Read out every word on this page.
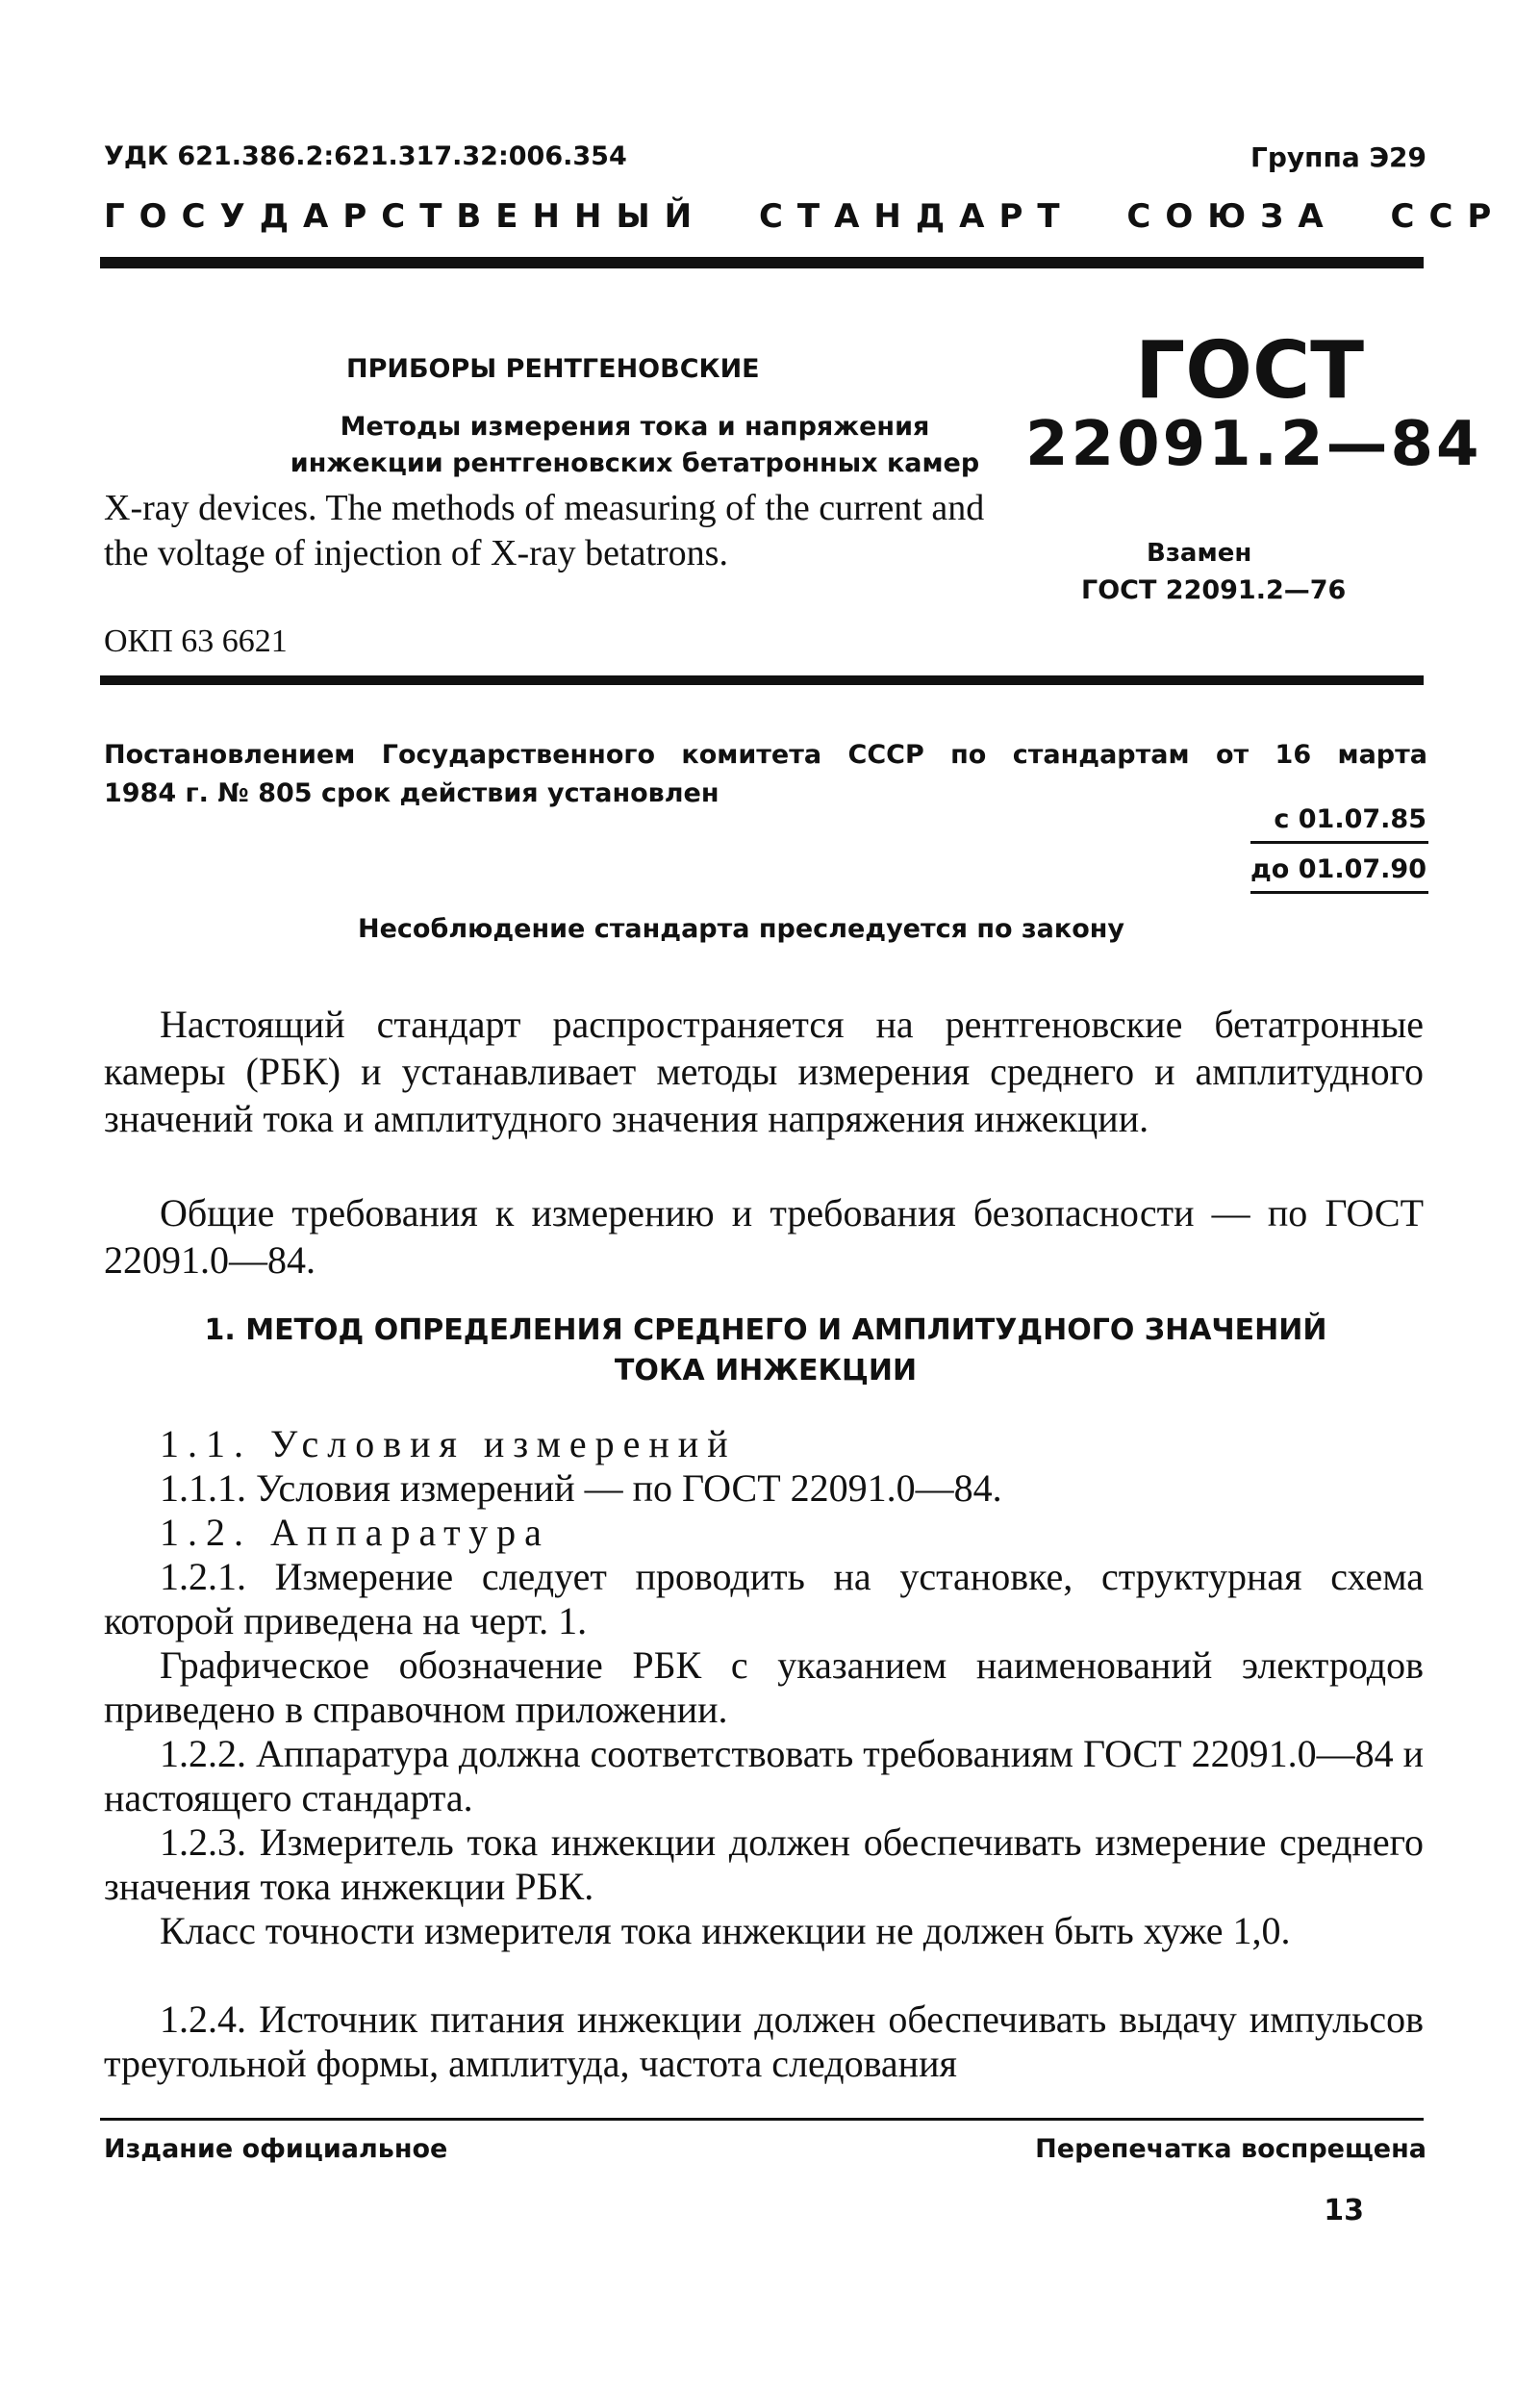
УДК 621.386.2:621.317.32:006.354	Группа Э29
ГОСУДАРСТВЕННЫЙ СТАНДАРТ СОЮЗА ССР
ПРИБОРЫ РЕНТГЕНОВСКИЕ
Методы измерения тока и напряжения инжекции рентгеновских бетатронных камер
X-ray devices. The methods of measuring of the current and the voltage of injection of X-ray betatrons.
ОКП 63 6621
ГОСТ
22091.2—84
Взамен
ГОСТ 22091.2—76
Постановлением Государственного комитета СССР по стандартам от 16 марта
1984 г. № 805 срок действия установлен
с 01.07.85
до 01.07.90
Несоблюдение стандарта преследуется по закону
Настоящий стандарт распространяется на рентгеновские бетатронные камеры (РБК) и устанавливает методы измерения среднего и амплитудного значений тока и амплитудного значения напряжения инжекции.
Общие требования к измерению и требования безопасности — по ГОСТ 22091.0—84.
1. МЕТОД ОПРЕДЕЛЕНИЯ СРЕДНЕГО И АМПЛИТУДНОГО ЗНАЧЕНИЙ
ТОКА ИНЖЕКЦИИ
1.1. Условия измерений
1.1.1. Условия измерений — по ГОСТ 22091.0—84.
1.2. Аппаратура
1.2.1. Измерение следует проводить на установке, структурная схема которой приведена на черт. 1.
Графическое обозначение РБК с указанием наименований электродов приведено в справочном приложении.
1.2.2. Аппаратура должна соответствовать требованиям ГОСТ 22091.0—84 и настоящего стандарта.
1.2.3. Измеритель тока инжекции должен обеспечивать измерение среднего значения тока инжекции РБК.
Класс точности измерителя тока инжекции не должен быть хуже 1,0.
1.2.4. Источник питания инжекции должен обеспечивать выдачу импульсов треугольной формы, амплитуда, частота следования
Издание официальное	Перепечатка воспрещена
13
